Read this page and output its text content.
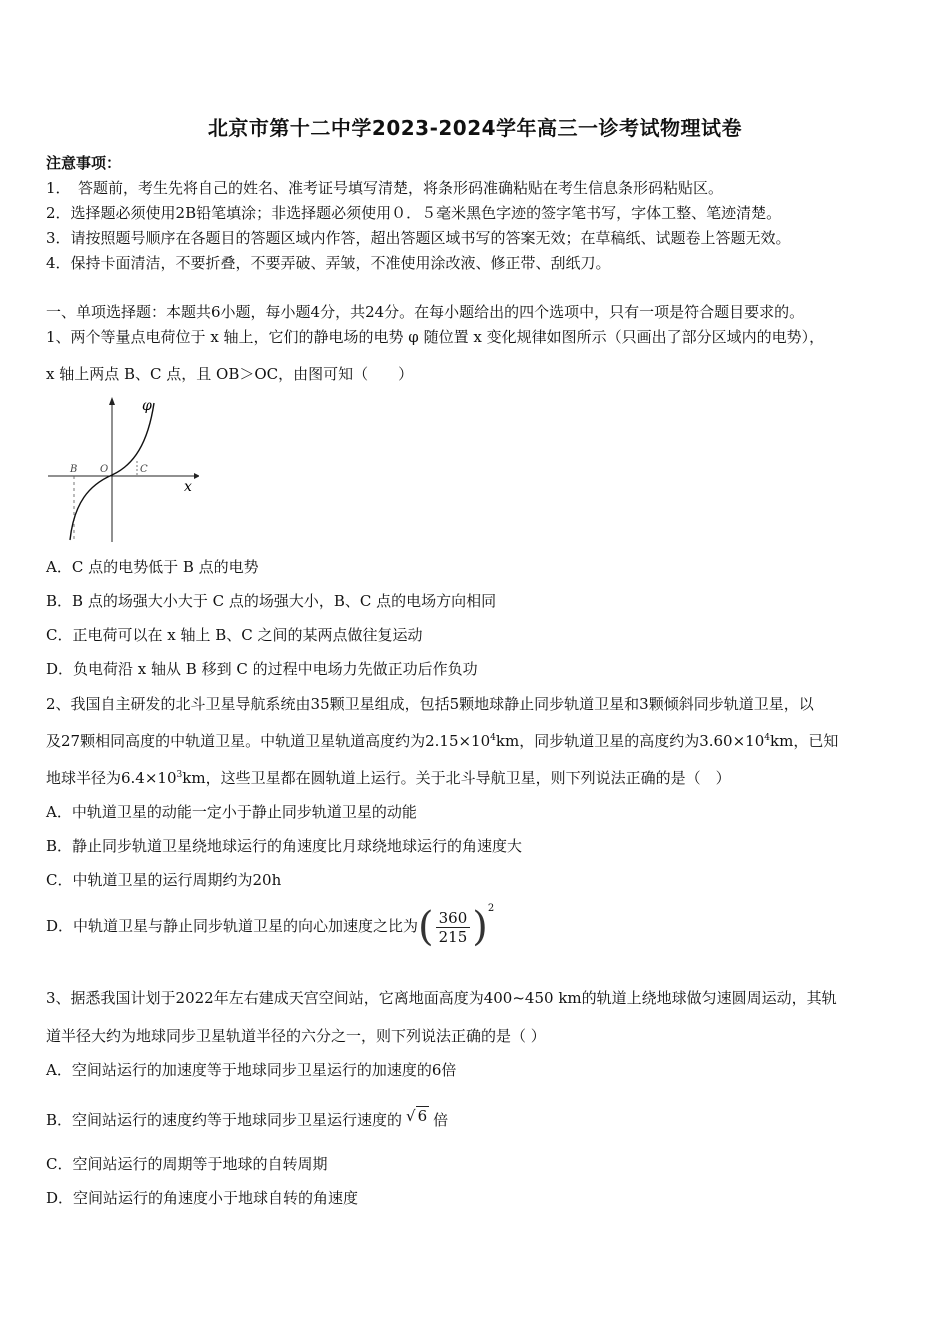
北京市第十二中学2023-2024学年高三一诊考试物理试卷
注意事项：
1．　答题前，考生先将自己的姓名、准考证号填写清楚，将条形码准确粘贴在考生信息条形码粘贴区。
2．选择题必须使用2B铅笔填涂；非选择题必须使用０．５毫米黑色字迹的签字笔书写，字体工整、笔迹清楚。
3．请按照题号顺序在各题目的答题区域内作答，超出答题区域书写的答案无效；在草稿纸、试题卷上答题无效。
4．保持卡面清洁，不要折叠，不要弄破、弄皱，不准使用涂改液、修正带、刮纸刀。
一、单项选择题：本题共6小题，每小题4分，共24分。在每小题给出的四个选项中，只有一项是符合题目要求的。
1、两个等量点电荷位于 x 轴上，它们的静电场的电势 φ 随位置 x 变化规律如图所示（只画出了部分区域内的电势），
x 轴上两点 B、C 点，且 OB＞OC，由图可知（　　）
φ
x
B O	C
A．C 点的电势低于 B 点的电势
B．B 点的场强大小大于 C 点的场强大小，B、C 点的电场方向相同
C．正电荷可以在 x 轴上 B、C 之间的某两点做往复运动
D．负电荷沿 x 轴从 B 移到 C 的过程中电场力先做正功后作负功
2、我国自主研发的北斗卫星导航系统由35颗卫星组成，包括5颗地球静止同步轨道卫星和3颗倾斜同步轨道卫星，以
及27颗相同高度的中轨道卫星。中轨道卫星轨道高度约为$2.15\times 10^4km$，同步轨道卫星的高度约为$3.60\times 10^4km$，已知
地球半径为$6.4\times 10^3km$，这些卫星都在圆轨道上运行。关于北斗导航卫星，则下列说法正确的是（　）
A．中轨道卫星的动能一定小于静止同步轨道卫星的动能
B．静止同步轨道卫星绕地球运行的角速度比月球绕地球运行的角速度大
C．中轨道卫星的运行周期约为20h
D．中轨道卫星与静止同步轨道卫星的向心加速度之比为( $\frac{360}{215} )^2$
3、据悉我国计划于2022年左右建成天宫空间站，它离地面高度为400~450 km的轨道上绕地球做匀速圆周运动，其轨
道半径大约为地球同步卫星轨道半径的六分之一，则下列说法正确的是（ ）
A．空间站运行的加速度等于地球同步卫星运行的加速度的6倍
B．空间站运行的速度约等于地球同步卫星运行速度的 √ 6 倍
C．空间站运行的周期等于地球的自转周期
D．空间站运行的角速度小于地球自转的角速度
